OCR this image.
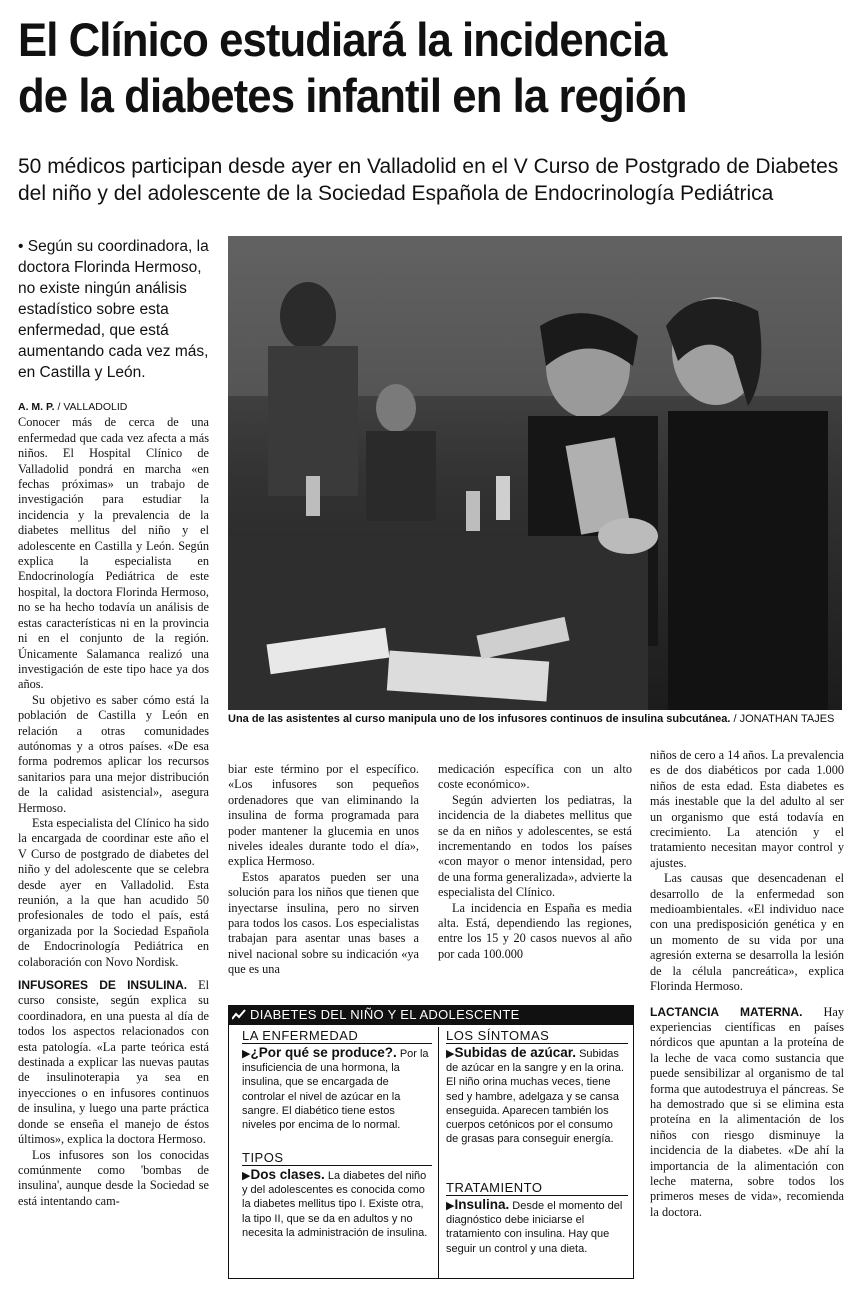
El Clínico estudiará la incidencia
de la diabetes infantil en la región
50 médicos participan desde ayer en Valladolid en el V Curso de Postgrado de Diabetes del niño y del adolescente de la Sociedad Española de Endocrinología Pediátrica
• Según su coordinadora, la doctora Florinda Hermoso, no existe ningún análisis estadístico sobre esta enfermedad, que está aumentando cada vez más, en Castilla y León.
Una de las asistentes al curso manipula uno de los infusores continuos de insulina subcutánea. / JONATHAN TAJES
A. M. P. / VALLADOLID

Conocer más de cerca de una enfermedad que cada vez afecta a más niños. El Hospital Clínico de Valladolid pondrá en marcha «en fechas próximas» un trabajo de investigación para estudiar la incidencia y la prevalencia de la diabetes mellitus del niño y el adolescente en Castilla y León. Según explica la especialista en Endocrinología Pediátrica de este hospital, la doctora Florinda Hermoso, no se ha hecho todavía un análisis de estas características ni en la provincia ni en el conjunto de la región. Únicamente Salamanca realizó una investigación de este tipo hace ya dos años.

Su objetivo es saber cómo está la población de Castilla y León en relación a otras comunidades autónomas y a otros países. «De esa forma podremos aplicar los recursos sanitarios para una mejor distribución de la calidad asistencial», asegura Hermoso.

Esta especialista del Clínico ha sido la encargada de coordinar este año el V Curso de postgrado de diabetes del niño y del adolescente que se celebra desde ayer en Valladolid. Esta reunión, a la que han acudido 50 profesionales de todo el país, está organizada por la Sociedad Española de Endocrinología Pediátrica en colaboración con Novo Nordisk.

INFUSORES DE INSULINA. El curso consiste, según explica su coordinadora, en una puesta al día de todos los aspectos relacionados con esta patología. «La parte teórica está destinada a explicar las nuevas pautas de insulinoterapia ya sea en inyecciones o en infusores continuos de insulina, y luego una parte práctica donde se enseña el manejo de éstos últimos», explica la doctora Hermoso.

Los infusores son los conocidas comúnmente como 'bombas de insulina', aunque desde la Sociedad se está intentando cam-

biar este término por el específico. «Los infusores son pequeños ordenadores que van eliminando la insulina de forma programada para poder mantener la glucemia en unos niveles ideales durante todo el día», explica Hermoso.

Estos aparatos pueden ser una solución para los niños que tienen que inyectarse insulina, pero no sirven para todos los casos. Los especialistas trabajan para asentar unas bases a nivel nacional sobre su indicación «ya que es una

medicación específica con un alto coste económico».

Según advierten los pediatras, la incidencia de la diabetes mellitus que se da en niños y adolescentes, se está incrementando en todos los países «con mayor o menor intensidad, pero de una forma generalizada», advierte la especialista del Clínico.

La incidencia en España es media alta. Está, dependiendo las regiones, entre los 15 y 20 casos nuevos al año por cada 100.000

niños de cero a 14 años. La prevalencia es de dos diabéticos por cada 1.000 niños de esta edad. Esta diabetes es más inestable que la del adulto al ser un organismo que está todavía en crecimiento. La atención y el tratamiento necesitan mayor control y ajustes.

Las causas que desencadenan el desarrollo de la enfermedad son medioambientales. «El individuo nace con una predisposición genética y en un momento de su vida por una agresión externa se desarrolla la lesión de la célula pancreática», explica Florinda Hermoso.

LACTANCIA MATERNA. Hay experiencias científicas en países nórdicos que apuntan a la proteína de la leche de vaca como sustancia que puede sensibilizar al organismo de tal forma que autodestruya el páncreas. Se ha demostrado que si se elimina esta proteína en la alimentación de los niños con riesgo disminuye la incidencia de la diabetes. «De ahí la importancia de la alimentación con leche materna, sobre todos los primeros meses de vida», recomienda la doctora.

DIABETES DEL NIÑO Y EL ADOLESCENTE
LA ENFERMEDAD
▶¿Por qué se produce?. Por la insuficiencia de una hormona, la insulina, que se encargada de controlar el nivel de azúcar en la sangre. El diabético tiene estos niveles por encima de lo normal.
TIPOS
▶Dos clases. La diabetes del niño y del adolescentes es conocida como la diabetes mellitus tipo I. Existe otra, la tipo II, que se da en adultos y no necesita la administración de insulina.
LOS SÍNTOMAS
▶Subidas de azúcar. Subidas de azúcar en la sangre y en la orina. El niño orina muchas veces, tiene sed y hambre, adelgaza y se cansa enseguida. Aparecen también los cuerpos cetónicos por el consumo de grasas para conseguir energía.
TRATAMIENTO
▶Insulina. Desde el momento del diagnóstico debe iniciarse el tratamiento con insulina. Hay que seguir un control y una dieta.
